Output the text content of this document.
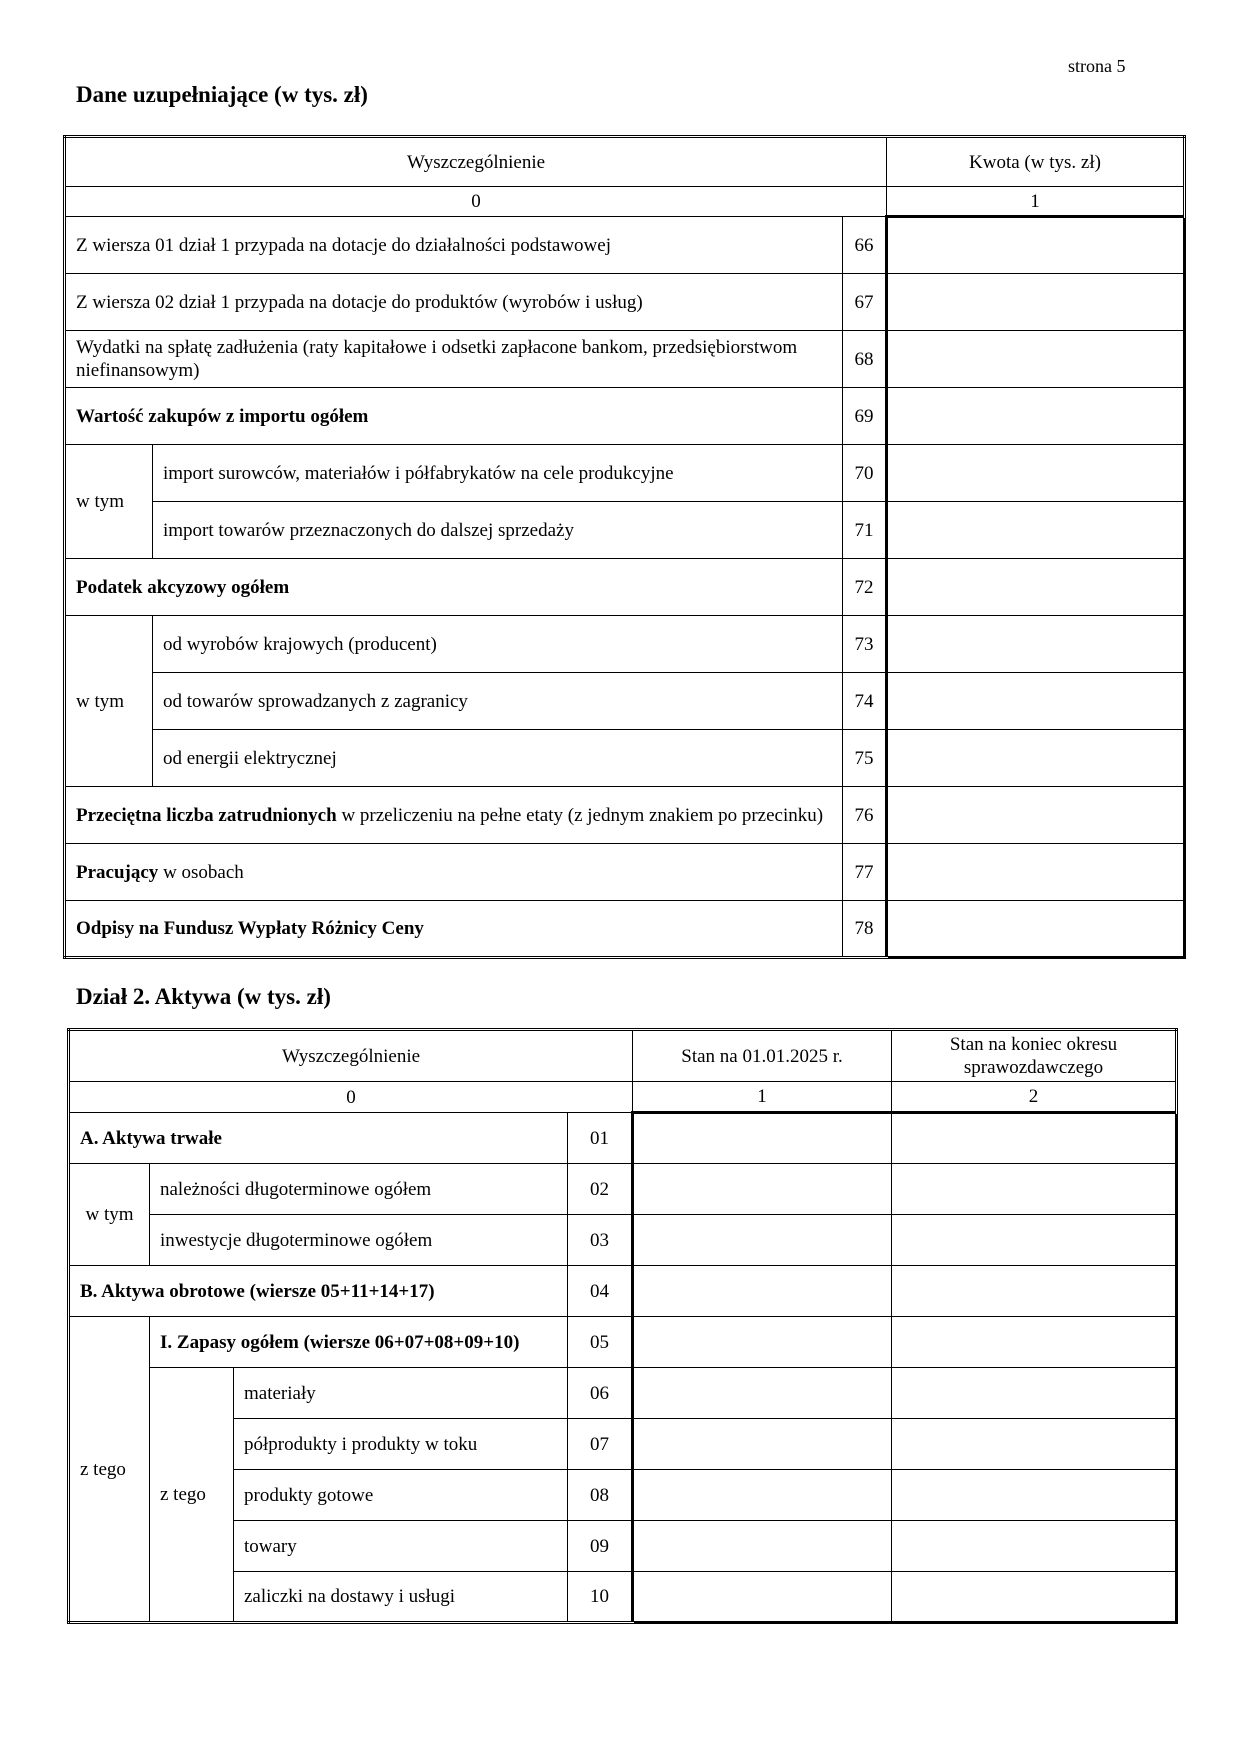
strona 5
Dane uzupełniające (w tys. zł)
Wyszczególnienie			Kwota (w tys. zł)
0			1
Z wiersza 01 dział 1 przypada na dotacje do działalności podstawowej		66	
Z wiersza 02 dział 1 przypada na dotacje do produktów (wyrobów i usług)		67	
Wydatki na spłatę zadłużenia (raty kapitałowe i odsetki zapłacone bankom, przedsiębiorstwom niefinansowym)		68	
Wartość zakupów z importu ogółem		69	
w tym	import surowców, materiałów i półfabrykatów na cele produkcyjne	70	
	import towarów przeznaczonych do dalszej sprzedaży	71	
Podatek akcyzowy ogółem		72	
w tym	od wyrobów krajowych (producent)	73	
	od towarów sprowadzanych z zagranicy	74	
	od energii elektrycznej	75	
Przeciętna liczba zatrudnionych w przeliczeniu na pełne etaty (z jednym znakiem po przecinku)		76	
Pracujący w osobach		77	
Odpisy na Fundusz Wypłaty Różnicy Ceny		78	
Dział 2. Aktywa (w tys. zł)
Wyszczególnienie				Stan na 01.01.2025 r.	Stan na koniec okresu sprawozdawczego
0				1	2
A. Aktywa trwałe			01		
w tym	należności długoterminowe ogółem		02		
	inwestycje długoterminowe ogółem		03		
B. Aktywa obrotowe (wiersze 05+11+14+17)			04		
z tego	I. Zapasy ogółem (wiersze 06+07+08+09+10)		05		
	z tego	materiały	06		
		półprodukty i produkty w toku	07		
		produkty gotowe	08		
		towary	09		
		zaliczki na dostawy i usługi	10		
